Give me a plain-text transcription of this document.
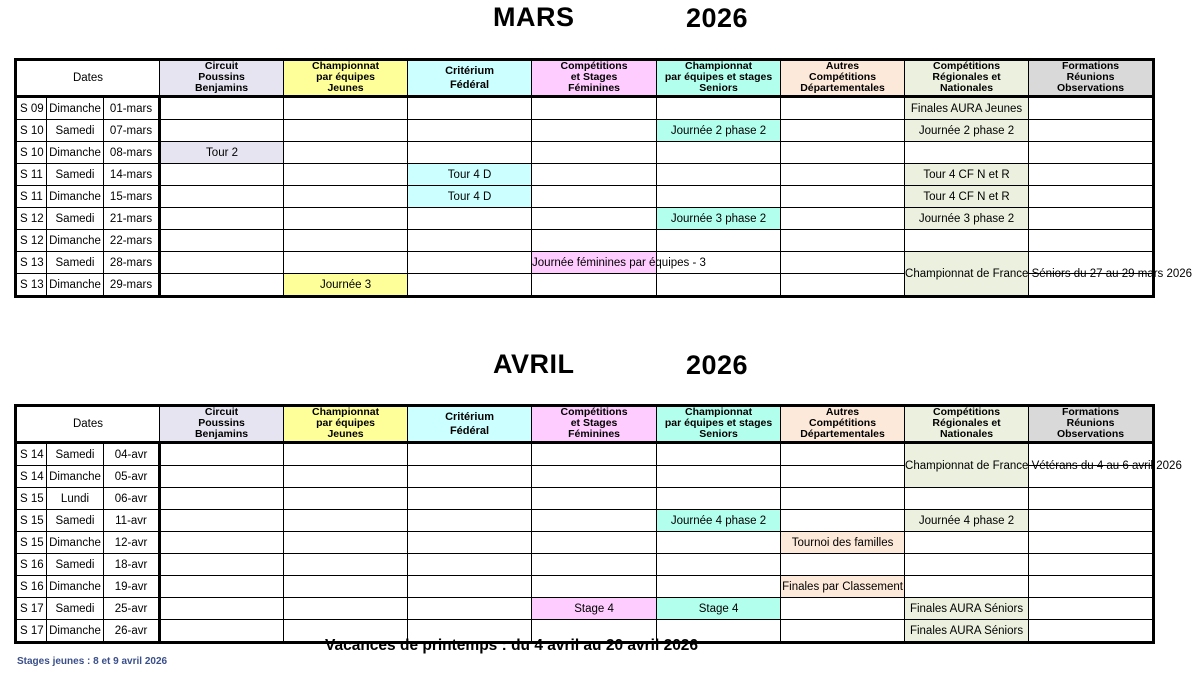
MARS	2026
Dates			Circuit
Poussins
Benjamins	Championnat
par équipes
Jeunes	Critérium
Fédéral	Compétitions
et Stages
Féminines	Championnat
par équipes et stages
Seniors	Autres
Compétitions
Départementales	Compétitions
Régionales et
Nationales	Formations
Réunions
Observations
S 09	Dimanche	01-mars							Finales AURA Jeunes	
S 10	Samedi	07-mars					Journée 2 phase 2		Journée 2 phase 2	
S 10	Dimanche	08-mars	Tour 2							
S 11	Samedi	14-mars			Tour 4 D				Tour 4 CF N et R	
S 11	Dimanche	15-mars			Tour 4 D				Tour 4 CF N et R	
S 12	Samedi	21-mars					Journée 3 phase 2		Journée 3 phase 2	
S 12	Dimanche	22-mars								
S 13	Samedi	28-mars				Journée féminines par équipes - 3			Championnat de France Séniors du 27 au 29 mars 2026	
S 13	Dimanche	29-mars		Journée 3						
AVRIL	2026
Dates			Circuit
Poussins
Benjamins	Championnat
par équipes
Jeunes	Critérium
Fédéral	Compétitions
et Stages
Féminines	Championnat
par équipes et stages
Seniors	Autres
Compétitions
Départementales	Compétitions
Régionales et
Nationales	Formations
Réunions
Observations
S 14	Samedi	04-avr							Championnat de France Vétérans du 4 au 6 avril 2026	
S 14	Dimanche	05-avr								
S 15	Lundi	06-avr								
S 15	Samedi	11-avr					Journée 4 phase 2		Journée 4 phase 2	
S 15	Dimanche	12-avr						Tournoi des familles		
S 16	Samedi	18-avr								
S 16	Dimanche	19-avr						Finales par Classement		
S 17	Samedi	25-avr				Stage 4	Stage 4		Finales AURA Séniors	
S 17	Dimanche	26-avr							Finales AURA Séniors	
Vacances de printemps : du 4 avril au 20 avril 2026
Stages jeunes : 8 et 9 avril 2026
